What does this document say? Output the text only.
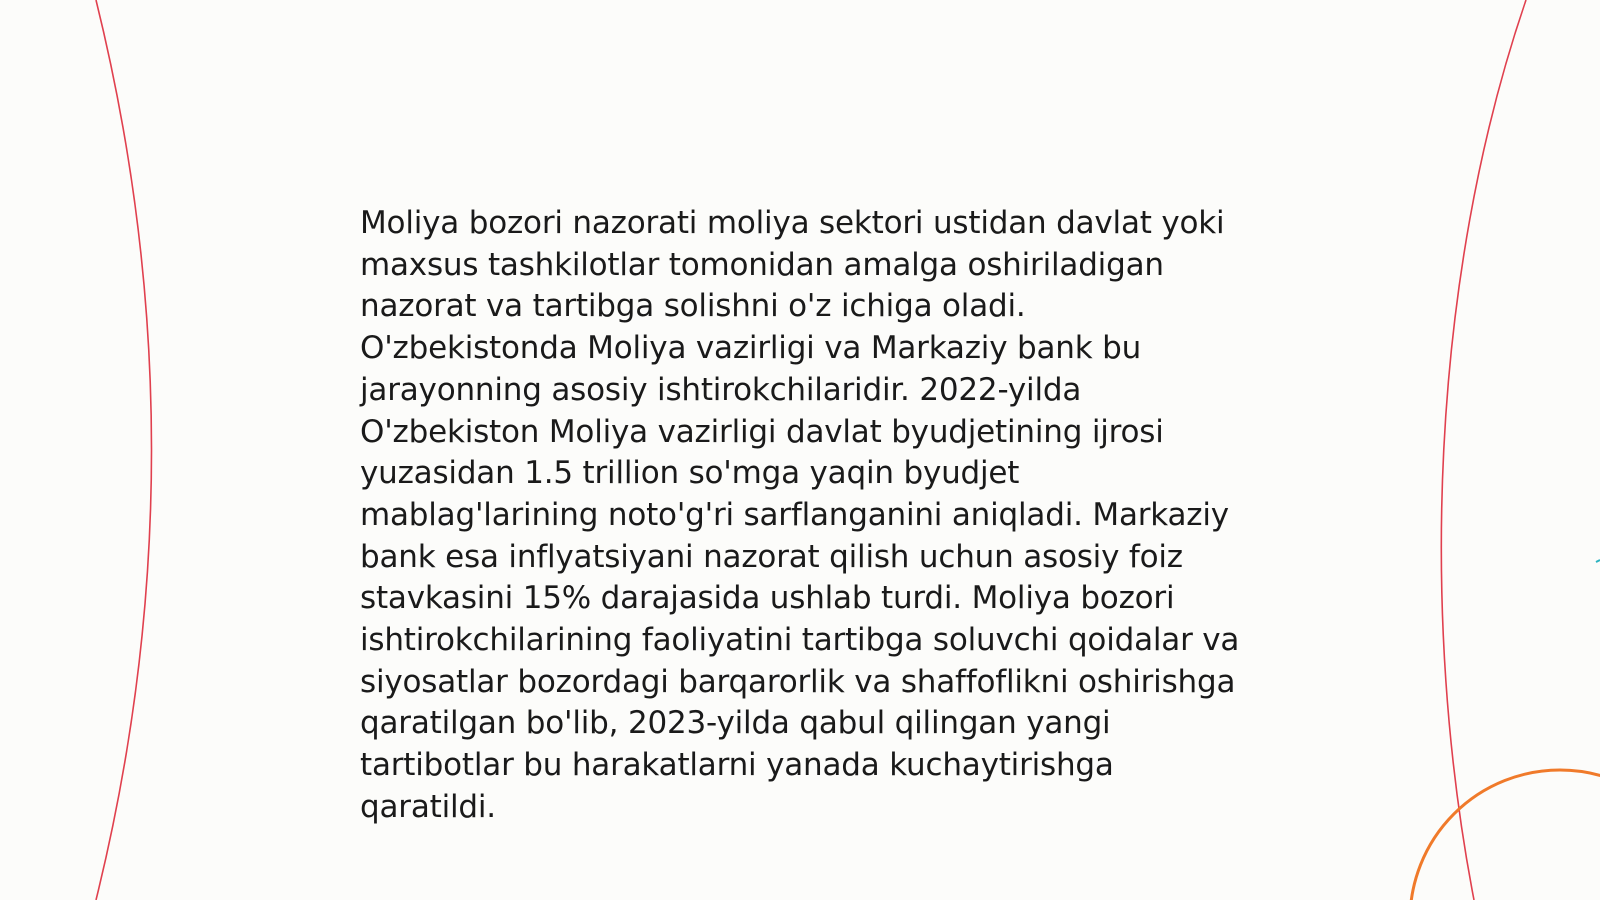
Moliya bozori nazorati moliya sektori ustidan davlat yoki maxsus tashkilotlar tomonidan amalga oshiriladigan nazorat va tartibga solishni o'z ichiga oladi. O'zbekistonda Moliya vazirligi va Markaziy bank bu jarayonning asosiy ishtirokchilaridir. 2022-yilda O'zbekiston Moliya vazirligi davlat byudjetining ijrosi yuzasidan 1.5 trillion so'mga yaqin byudjet mablag'larining noto'g'ri sarflanganini aniqladi. Markaziy bank esa inflyatsiyani nazorat qilish uchun asosiy foiz stavkasini 15% darajasida ushlab turdi. Moliya bozori ishtirokchilarining faoliyatini tartibga soluvchi qoidalar va siyosatlar bozordagi barqarorlik va shaffoflikni oshirishga qaratilgan bo'lib, 2023-yilda qabul qilingan yangi tartibotlar bu harakatlarni yanada kuchaytirishga qaratildi.
